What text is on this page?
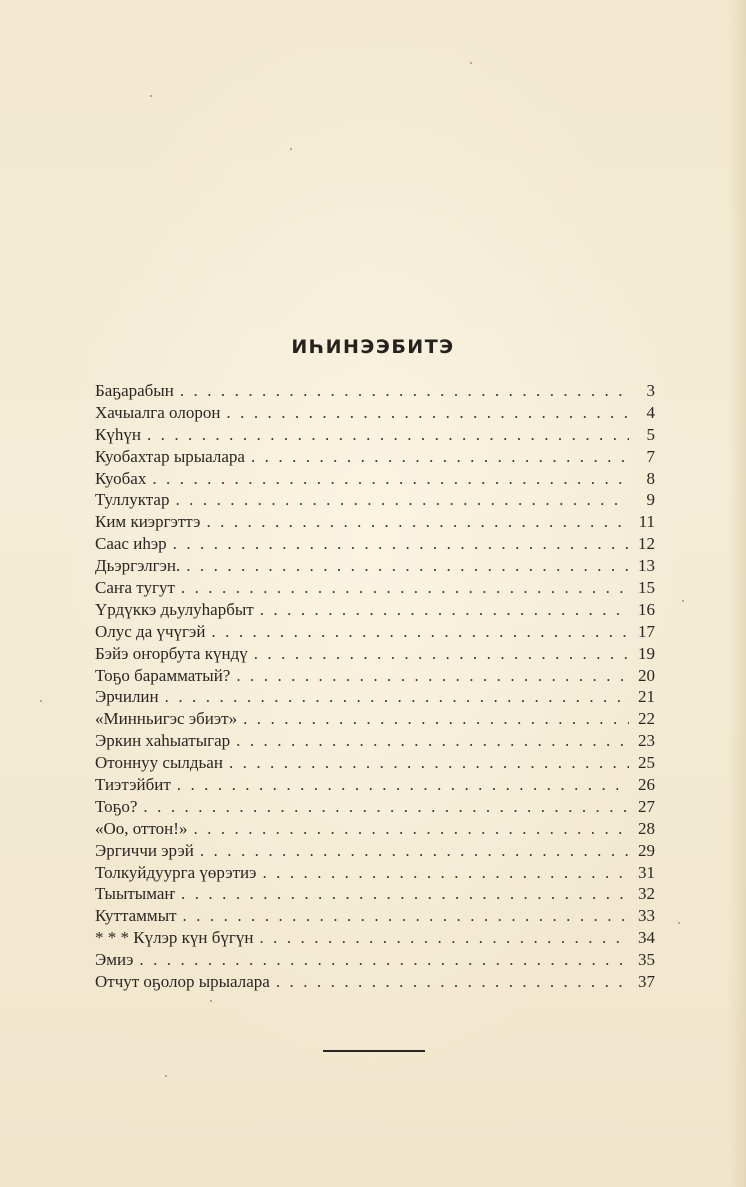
ИҺИНЭЭБИТЭ
Баҕарабын . . .	3
Хачыалга олорон . . .	4
Күһүн . . .	5
Куобахтар ырыалара . . .	7
Куобах . . .	8
Туллуктар . . .	9
Ким киэргэттэ . . .	11
Саас иһэр . . .	12
Дьэргэлгэн. . . .	13
Саҥа тугут . . .	15
Үрдүккэ дьулуһарбыт . . .	16
Олус да үчүгэй . . .	17
Бэйэ оҥорбута күндү . . .	19
Тоҕо барамматый? . . .	20
Эрчилин . . .	21
«Минньигэс эбиэт» . . .	22
Эркин хаһыатыгар . . .	23
Отоннуу сылдьан . . .	25
Тиэтэйбит . . .	26
Тоҕо? . . .	27
«Оо, оттон!» . . .	28
Эргиччи эрэй . . .	29
Толкуйдуурга үөрэтиэ . . .	31
Тыытымаҥ . . .	32
Куттаммыт . . .	33
* * * Күлэр күн бүгүн . . .	34
Эмиэ . . .	35
Отчут оҕолор ырыалара . . .	37
